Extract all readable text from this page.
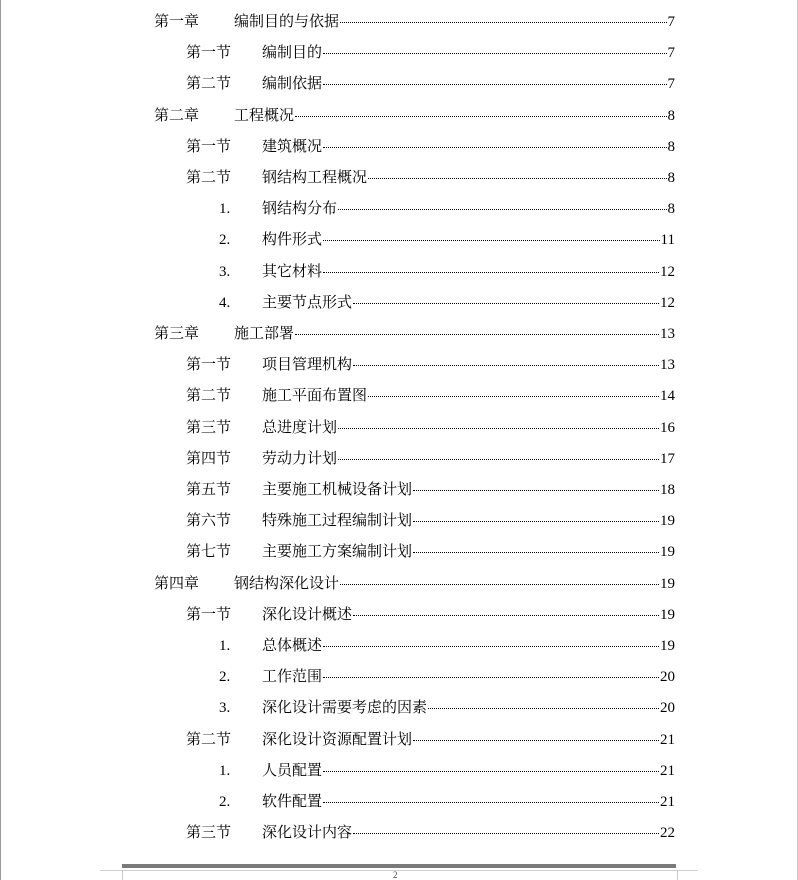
第一章	编制目的与依据	7
第一节	编制目的	7
第二节	编制依据	7
第二章	工程概况	8
第一节	建筑概况	8
第二节	钢结构工程概况	8
1.	钢结构分布	8
2.	构件形式	11
3.	其它材料	12
4.	主要节点形式	12
第三章	施工部署	13
第一节	项目管理机构	13
第二节	施工平面布置图	14
第三节	总进度计划	16
第四节	劳动力计划	17
第五节	主要施工机械设备计划	18
第六节	特殊施工过程编制计划	19
第七节	主要施工方案编制计划	19
第四章	钢结构深化设计	19
第一节	深化设计概述	19
1.	总体概述	19
2.	工作范围	20
3.	深化设计需要考虑的因素	20
第二节	深化设计资源配置计划	21
1.	人员配置	21
2.	软件配置	21
第三节	深化设计内容	22
2
